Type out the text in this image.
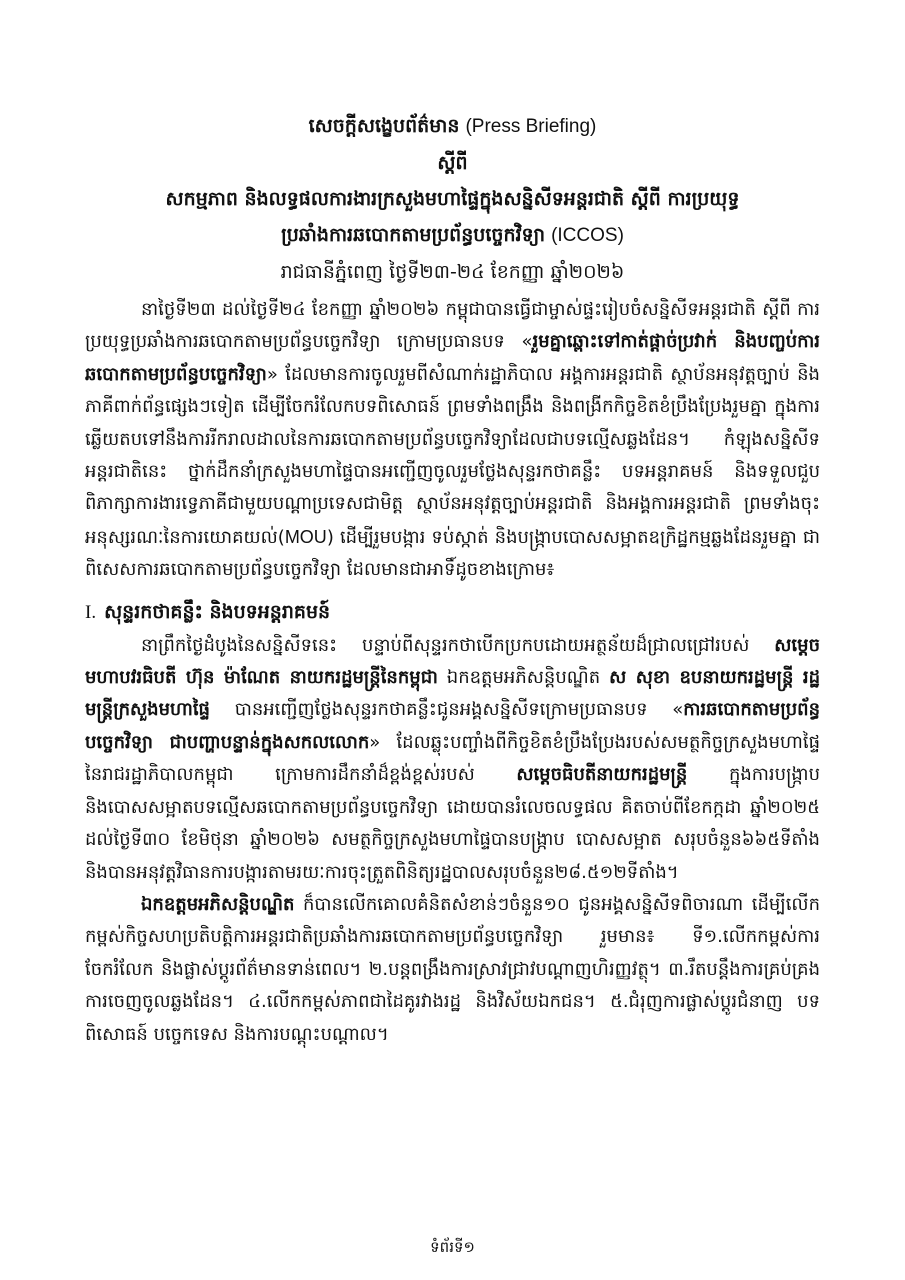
សេចក្ដីសង្ខេបព័ត៌មាន (Press Briefing)

ស្ដីពី

សកម្មភាព និងលទ្ធផលការងារក្រសួងមហាផ្ទៃក្នុងសន្និសីទអន្តរជាតិ ស្ដីពី ការប្រយុទ្ធ

ប្រឆាំងការឆបោកតាមប្រព័ន្ធបច្ចេកវិទ្យា (ICCOS)

រាជធានីភ្នំពេញ ថ្ងៃទី២៣-២៤ ខែកញ្ញា ឆ្នាំ២០២៦

នាថ្ងៃទី២៣ ដល់ថ្ងៃទី២៤ ខែកញ្ញា ឆ្នាំ២០២៦ កម្ពុជាបានធ្វើជាម្ចាស់ផ្ទះរៀបចំសន្និសីទអន្តរជាតិ ស្ដីពី ការប្រយុទ្ធប្រឆាំងការឆបោកតាមប្រព័ន្ធបច្ចេកវិទ្យា ក្រោមប្រធានបទ «រួមគ្នាឆ្ពោះទៅកាត់ផ្ដាច់ប្រវាក់ និងបញ្ចប់ការឆបោកតាមប្រព័ន្ធបច្ចេកវិទ្យា» ដែលមានការចូលរួមពីសំណាក់រដ្ឋាភិបាល អង្គការអន្តរជាតិ ស្ថាប័នអនុវត្តច្បាប់ និងភាគីពាក់ព័ន្ធផ្សេងៗទៀត ដើម្បីចែករំលែកបទពិសោធន៍ ព្រមទាំងពង្រឹង និងពង្រីកកិច្ចខិតខំប្រឹងប្រែងរួមគ្នា ក្នុងការឆ្លើយតបទៅនឹងការរីករាលដាលនៃការឆបោកតាមប្រព័ន្ធបច្ចេកវិទ្យាដែលជាបទល្មើសឆ្លងដែន។ កំឡុងសន្និសីទអន្តរជាតិនេះ ថ្នាក់ដឹកនាំក្រសួងមហាផ្ទៃបានអញ្ជើញចូលរួមថ្លែងសុន្ទរកថាគន្លឹះ បទអន្តរាគមន៍ និងទទួលជួបពិភាក្សាការងារទ្វេភាគីជាមួយបណ្ដាប្រទេសជាមិត្ត ស្ថាប័នអនុវត្តច្បាប់អន្តរជាតិ និងអង្គការអន្តរជាតិ ព្រមទាំងចុះអនុស្សរណៈនៃការយោគយល់(MOU) ដើម្បីរួមបង្ការ ទប់ស្កាត់ និងបង្ក្រាបបោសសម្អាតឧក្រិដ្ឋកម្មឆ្លងដែនរួមគ្នា ជាពិសេសការឆបោកតាមប្រព័ន្ធបច្ចេកវិទ្យា ដែលមានជាអាទិ៍ដូចខាងក្រោម៖

I. សុន្ទរកថាគន្លឹះ និងបទអន្តរាគមន៍

នាព្រឹកថ្ងៃដំបូងនៃសន្និសីទនេះ បន្ទាប់ពីសុន្ទរកថាបើកប្រកបដោយអត្ថន័យដ៏ជ្រាលជ្រៅរបស់ សម្ដេចមហាបវរធិបតី ហ៊ុន ម៉ាណែត នាយករដ្ឋមន្ត្រីនៃកម្ពុជា ឯកឧត្តមអភិសន្តិបណ្ឌិត ស សុខា ឧបនាយករដ្ឋមន្ត្រី រដ្ឋមន្ត្រីក្រសួងមហាផ្ទៃ បានអញ្ជើញថ្លែងសុន្ទរកថាគន្លឹះជូនអង្គសន្និសីទក្រោមប្រធានបទ «ការឆបោកតាមប្រព័ន្ធបច្ចេកវិទ្យា ជាបញ្ហាបន្ទាន់ក្នុងសកលលោក» ដែលឆ្លុះបញ្ចាំងពីកិច្ចខិតខំប្រឹងប្រែងរបស់សមត្ថកិច្ចក្រសួងមហាផ្ទៃ នៃរាជរដ្ឋាភិបាលកម្ពុជា ក្រោមការដឹកនាំដ៏ខ្ពង់ខ្ពស់របស់ សម្ដេចធិបតីនាយករដ្ឋមន្ត្រី ក្នុងការបង្ក្រាប និងបោសសម្អាតបទល្មើសឆបោកតាមប្រព័ន្ធបច្ចេកវិទ្យា ដោយបានរំលេចលទ្ធផល គិតចាប់ពីខែកក្កដា ឆ្នាំ២០២៥ ដល់ថ្ងៃទី៣០ ខែមិថុនា ឆ្នាំ២០២៦ សមត្ថកិច្ចក្រសួងមហាផ្ទៃបានបង្ក្រាប បោសសម្អាត សរុបចំនួន៦៦៥ទីតាំង និងបានអនុវត្តវិធានការបង្ការតាមរយៈការចុះត្រួតពិនិត្យរដ្ឋបាលសរុបចំនួន២៨.៥១២ទីតាំង។

ឯកឧត្តមអភិសន្តិបណ្ឌិត ក៏បានលើកគោលគំនិតសំខាន់ៗចំនួន១០ ជូនអង្គសន្និសីទពិចារណា ដើម្បីលើកកម្ពស់កិច្ចសហប្រតិបត្តិការអន្តរជាតិប្រឆាំងការឆបោកតាមប្រព័ន្ធបច្ចេកវិទ្យា រួមមាន៖ ទី១.លើកកម្ពស់ការចែករំលែក និងផ្លាស់ប្ដូរព័ត៌មានទាន់ពេល។ ២.បន្តពង្រឹងការស្រាវជ្រាវបណ្ដាញហិរញ្ញវត្ថុ។ ៣.រឹតបន្តឹងការគ្រប់គ្រងការចេញចូលឆ្លងដែន។ ៤.លើកកម្ពស់ភាពជាដៃគូរវាងរដ្ឋ និងវិស័យឯកជន។ ៥.ជំរុញការផ្លាស់ប្ដូរជំនាញ បទពិសោធន៍ បច្ចេកទេស និងការបណ្ដុះបណ្ដាល។

ទំព័រទី១
